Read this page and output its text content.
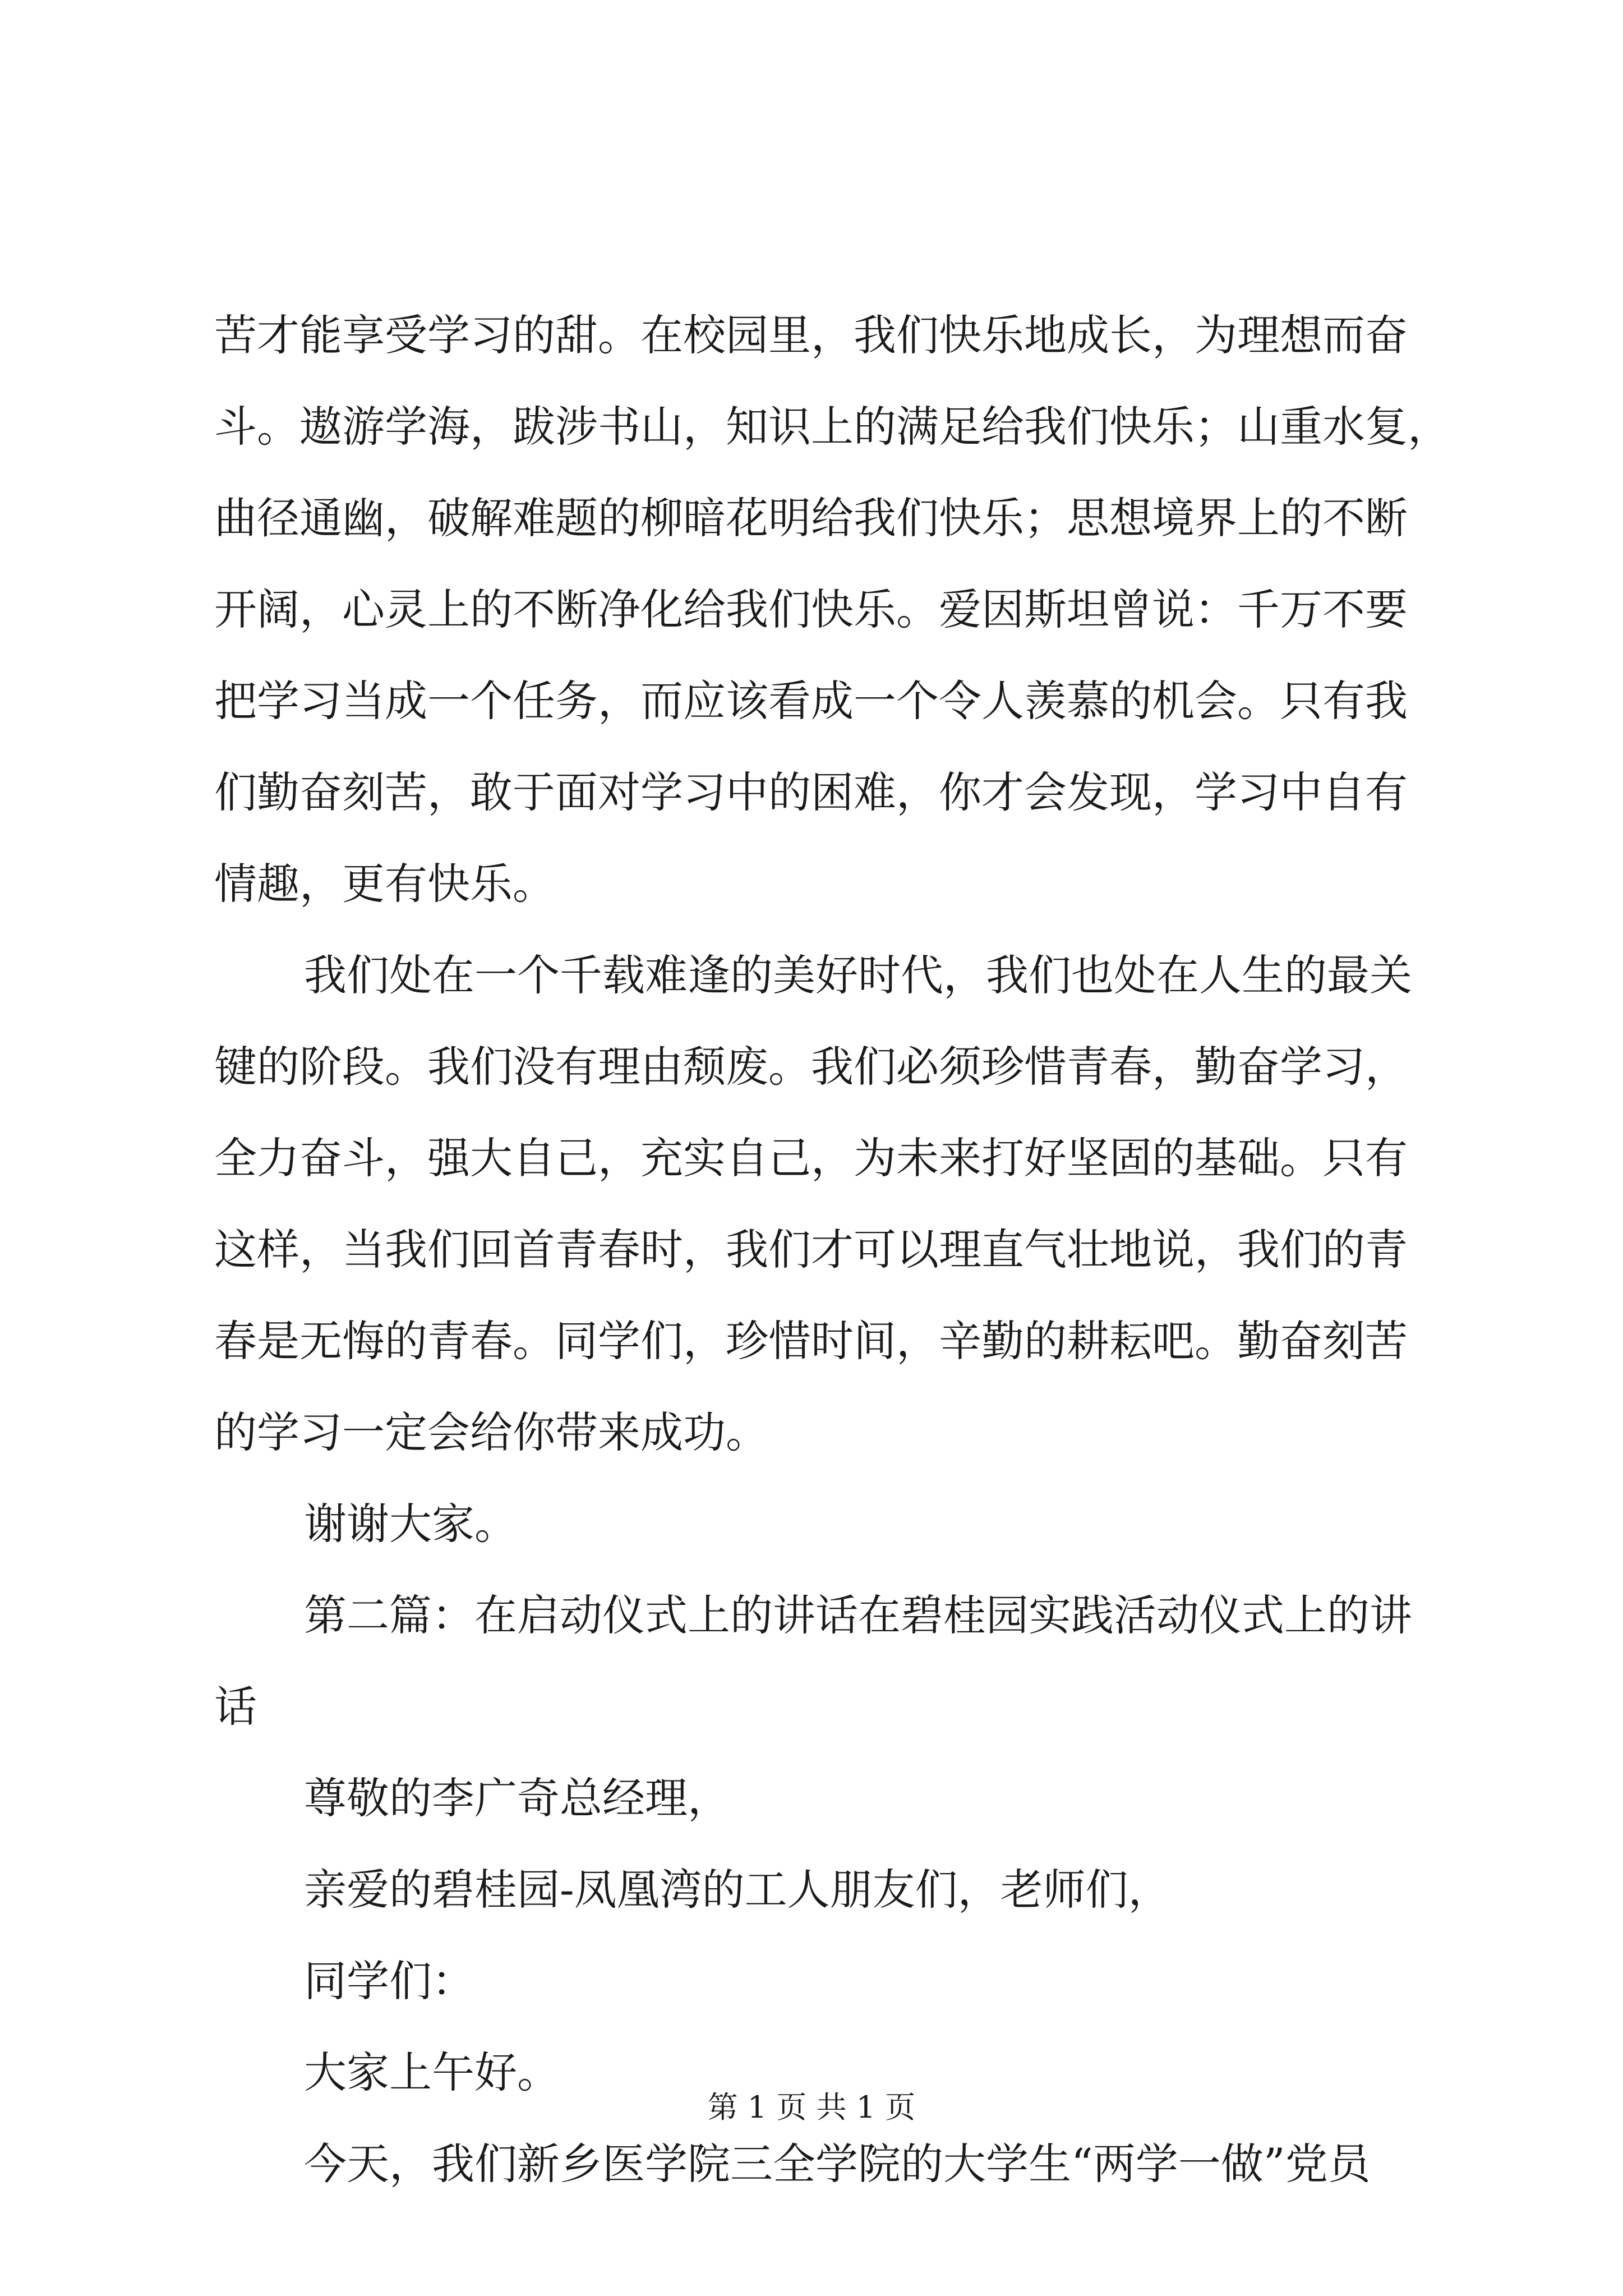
苦才能享受学习的甜。在校园里，我们快乐地成长，为理想而奋
斗。遨游学海，跋涉书山，知识上的满足给我们快乐；山重水复，
曲径通幽，破解难题的柳暗花明给我们快乐；思想境界上的不断
开阔，心灵上的不断净化给我们快乐。爱因斯坦曾说：千万不要
把学习当成一个任务，而应该看成一个令人羡慕的机会。只有我
们勤奋刻苦，敢于面对学习中的困难，你才会发现，学习中自有
情趣，更有快乐。
我们处在一个千载难逢的美好时代，我们也处在人生的最关
键的阶段。我们没有理由颓废。我们必须珍惜青春，勤奋学习，
全力奋斗，强大自己，充实自己，为未来打好坚固的基础。只有
这样，当我们回首青春时，我们才可以理直气壮地说，我们的青
春是无悔的青春。同学们，珍惜时间，辛勤的耕耘吧。勤奋刻苦
的学习一定会给你带来成功。
谢谢大家。
第二篇：在启动仪式上的讲话在碧桂园实践活动仪式上的讲
话
尊敬的李广奇总经理，
亲爱的碧桂园-凤凰湾的工人朋友们，老师们，
同学们：
大家上午好。
今天，我们新乡医学院三全学院的大学生“两学一做”党员
第 1 页 共 1 页
